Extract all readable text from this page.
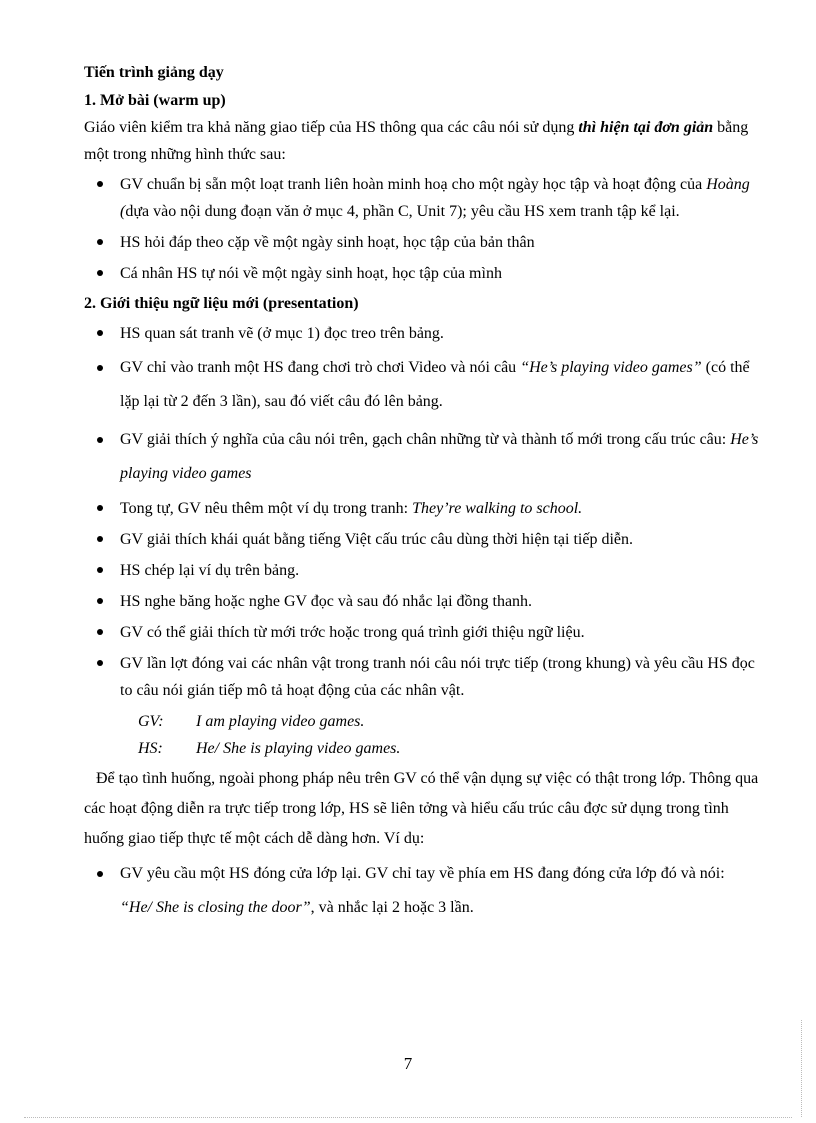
Tiến trình giảng dạy

1. Mở bài (warm up)

Giáo viên kiểm tra khả năng giao tiếp của HS thông qua các câu nói sử dụng thì hiện tại đơn giản bằng một trong những hình thức sau:

GV chuẩn bị sẵn một loạt tranh liên hoàn minh hoạ cho một ngày học tập và hoạt động của Hoàng (dựa vào nội dung đoạn văn ở mục 4, phần C, Unit 7); yêu cầu HS xem tranh tập kể lại.
HS hỏi đáp theo cặp về một ngày sinh hoạt, học tập của bản thân
Cá nhân HS tự nói về một ngày sinh hoạt, học tập của mình

2. Giới thiệu ngữ liệu mới (presentation)

HS quan sát tranh vẽ (ở mục 1) đọc treo trên bảng.
GV chỉ vào tranh một HS đang chơi trò chơi Video và nói câu “He’s playing video games” (có thể lặp lại từ 2 đến 3 lần), sau đó viết câu đó lên bảng.
GV giải thích ý nghĩa của câu nói trên, gạch chân những từ và thành tố mới trong cấu trúc câu: He’s playing video games
Tong tự, GV nêu thêm một ví dụ trong tranh: They’re walking to school.
GV giải thích khái quát bằng tiếng Việt cấu trúc câu dùng thời hiện tại tiếp diễn.
HS chép lại ví dụ trên bảng.
HS nghe băng hoặc nghe GV đọc và sau đó nhắc lại đồng thanh.
GV có thể giải thích từ mới trớc hoặc trong quá trình giới thiệu ngữ liệu.
GV lần lợt đóng vai các nhân vật trong tranh nói câu nói trực tiếp (trong khung) và yêu cầu HS đọc to câu nói gián tiếp mô tả hoạt động của các nhân vật.

GV: I am playing video games.

HS: He/ She is playing video games.

Để tạo tình huống, ngoài phong pháp nêu trên GV có thể vận dụng sự việc có thật trong lớp. Thông qua các hoạt động diễn ra trực tiếp trong lớp, HS sẽ liên tởng và hiểu cấu trúc câu đợc sử dụng trong tình huống giao tiếp thực tế một cách dễ dàng hơn. Ví dụ:

GV yêu cầu một HS đóng cửa lớp lại. GV chỉ tay về phía em HS đang đóng cửa lớp đó và nói: “He/ She is closing the door”, và nhắc lại 2 hoặc 3 lần.
7
